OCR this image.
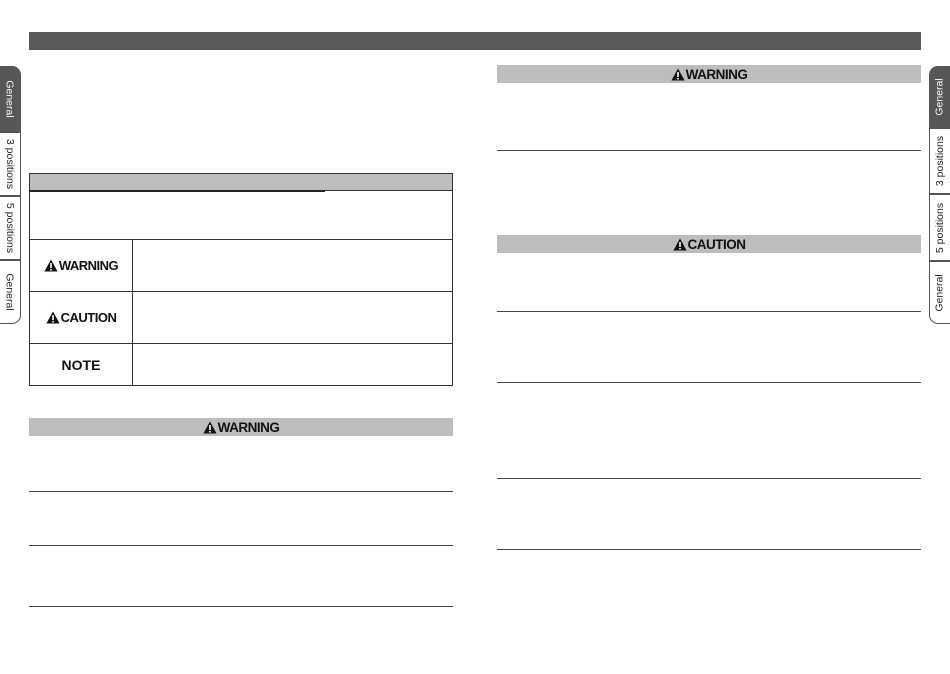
General
3 positions
5 positions
General
General
3 positions
5 positions
General
WARNING
CAUTION
NOTE
WARNING
WARNING
CAUTION
